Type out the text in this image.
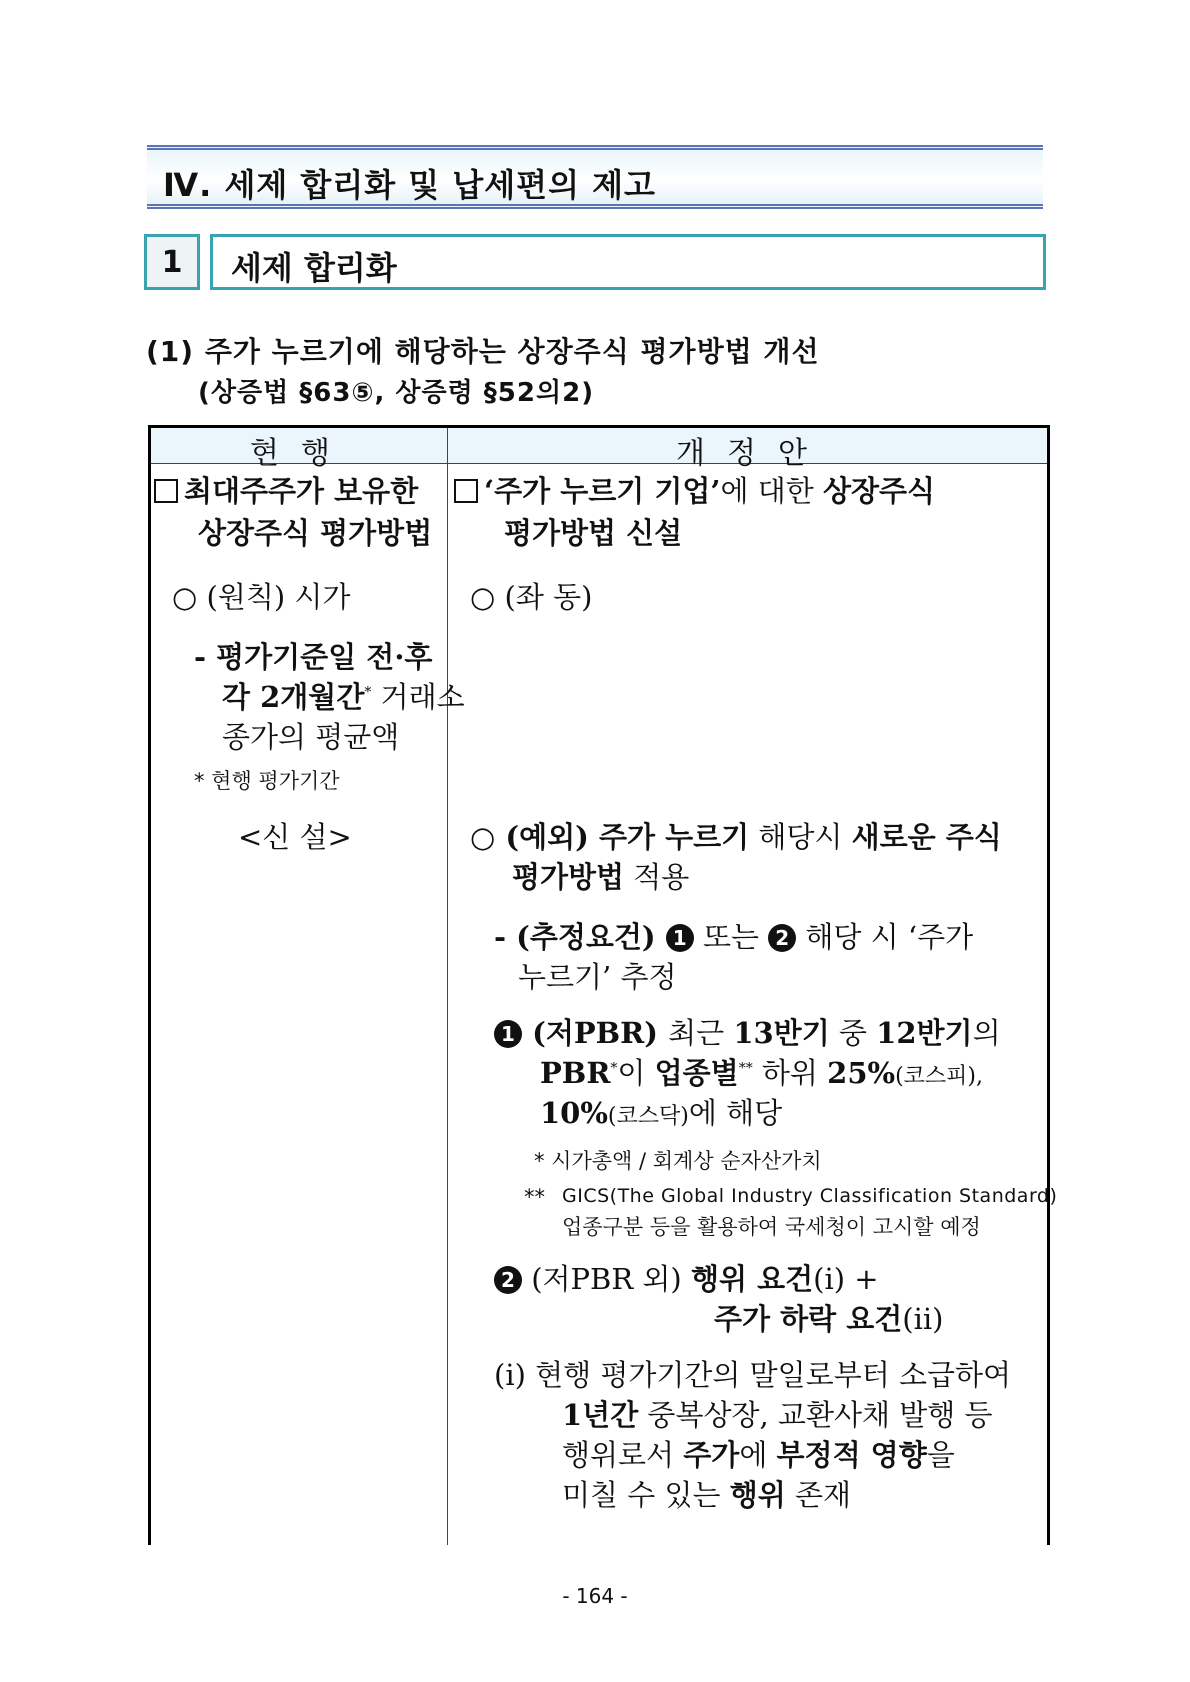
Ⅳ. 세제 합리화 및 납세편의 제고
1 세제 합리화
(1) 주가 누르기에 해당하는 상장주식 평가방법 개선
(상증법 §63⑤, 상증령 §52의2)
현행	개정안
최대주주가 보유한
상장주식 평가방법
○ (원칙) 시가
- 평가기준일 전·후
각 2개월간* 거래소
종가의 평균액
* 현행 평가기간
<신 설>
‘주가 누르기 기업’에 대한 상장주식
평가방법 신설
○ (좌 동)
○ (예외) 주가 누르기 해당시 새로운 주식
평가방법 적용
- (추정요건) 1 또는 2 해당 시 ‘주가
누르기’ 추정
1 (저PBR) 최근 13반기 중 12반기의
PBR*이 업종별** 하위 25%(코스피),
10%(코스닥)에 해당
* 시가총액 / 회계상 순자산가치
** GICS(The Global Industry Classification Standard)
업종구분 등을 활용하여 국세청이 고시할 예정
2 (저PBR 외) 행위 요건(ⅰ) +
주가 하락 요건(ⅱ)
(ⅰ) 현행 평가기간의 말일로부터 소급하여
1년간 중복상장, 교환사채 발행 등
행위로서 주가에 부정적 영향을
미칠 수 있는 행위 존재
- 164 -
